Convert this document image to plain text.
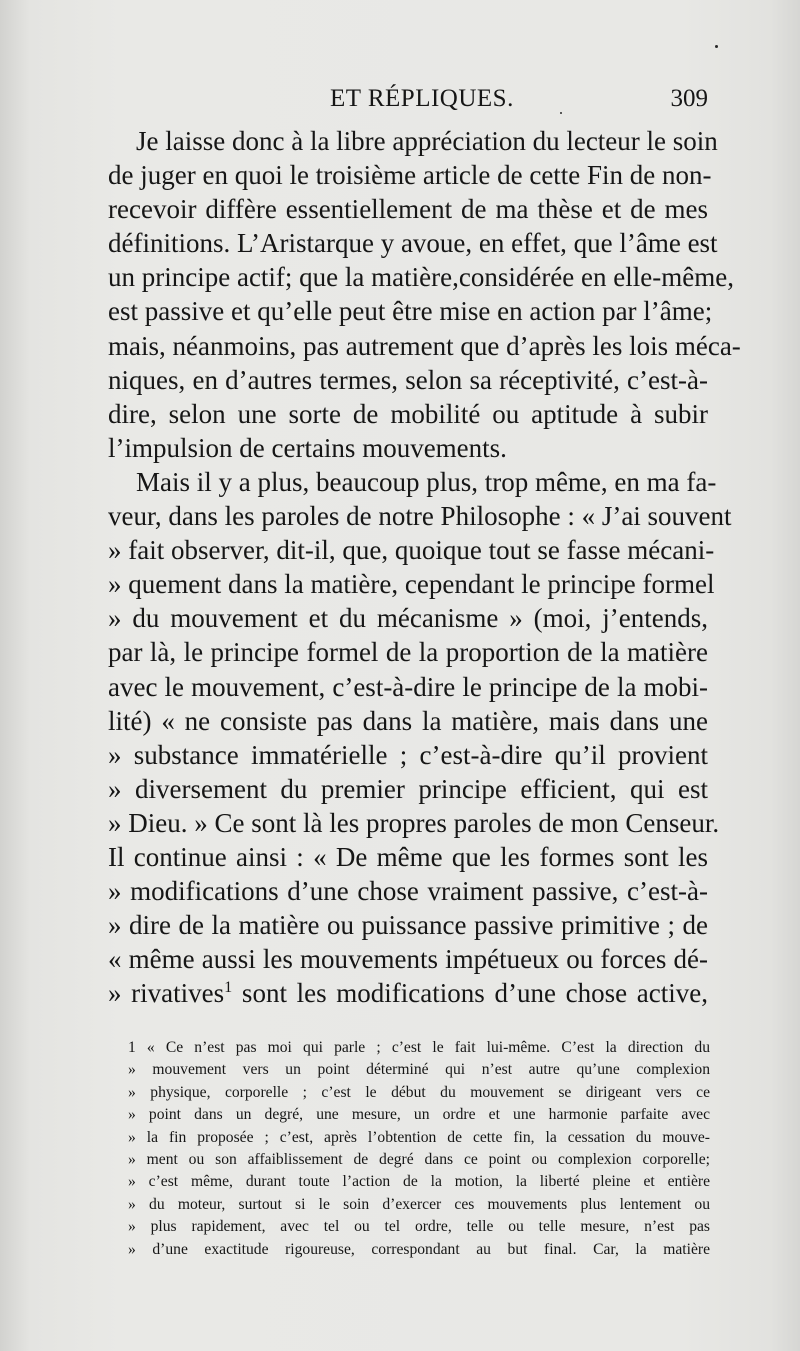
ET RÉPLIQUES.	309
Je laisse donc à la libre appréciation du lecteur le soin
de juger en quoi le troisième article de cette Fin de non-
recevoir diffère essentiellement de ma thèse et de mes
définitions. L’Aristarque y avoue, en effet, que l’âme est
un principe actif; que la matière,considérée en elle-même,
est passive et qu’elle peut être mise en action par l’âme;
mais, néanmoins, pas autrement que d’après les lois méca-
niques, en d’autres termes, selon sa réceptivité, c’est-à-
dire, selon une sorte de mobilité ou aptitude à subir
l’impulsion de certains mouvements.
Mais il y a plus, beaucoup plus, trop même, en ma fa-
veur, dans les paroles de notre Philosophe : « J’ai souvent
» fait observer, dit-il, que, quoique tout se fasse mécani-
» quement dans la matière, cependant le principe formel
» du mouvement et du mécanisme » (moi, j’entends,
par là, le principe formel de la proportion de la matière
avec le mouvement, c’est-à-dire le principe de la mobi-
lité) « ne consiste pas dans la matière, mais dans une
» substance immatérielle ; c’est-à-dire qu’il provient
» diversement du premier principe efficient, qui est
» Dieu. » Ce sont là les propres paroles de mon Censeur.
Il continue ainsi : « De même que les formes sont les
» modifications d’une chose vraiment passive, c’est-à-
» dire de la matière ou puissance passive primitive ; de
« même aussi les mouvements impétueux ou forces dé-
» rivatives$^1$ sont les modifications d’une chose active,
1 « Ce n’est pas moi qui parle ; c’est le fait lui-même. C’est la direction du
» mouvement vers un point déterminé qui n’est autre qu’une complexion
» physique, corporelle ; c’est le début du mouvement se dirigeant vers ce
» point dans un degré, une mesure, un ordre et une harmonie parfaite avec
» la fin proposée ; c’est, après l’obtention de cette fin, la cessation du mouve-
» ment ou son affaiblissement de degré dans ce point ou complexion corporelle;
» c’est même, durant toute l’action de la motion, la liberté pleine et entière
» du moteur, surtout si le soin d’exercer ces mouvements plus lentement ou
» plus rapidement, avec tel ou tel ordre, telle ou telle mesure, n’est pas
» d’une exactitude rigoureuse, correspondant au but final. Car, la matière
